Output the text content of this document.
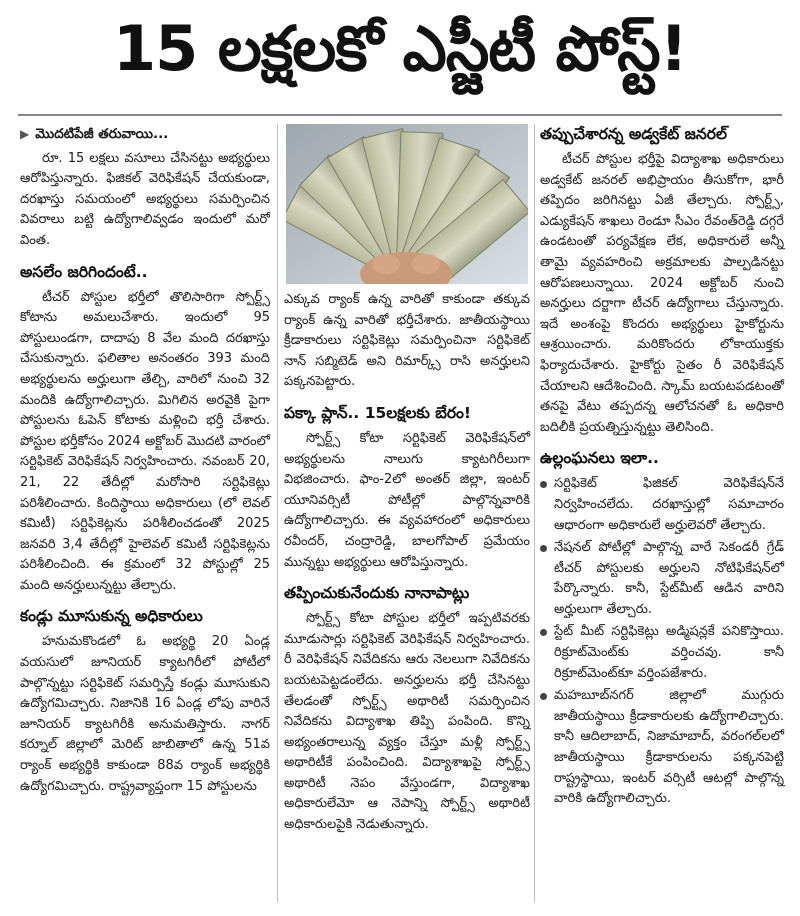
15 లక్షలకో ఎస్జీటీ పోస్ట్!
▶ మొదటిపేజీ తరువాయి...

రూ. 15 లక్షలు వసూలు చేసినట్టు అభ్యర్థులు ఆరోపిస్తున్నారు. ఫిజికల్ వెరిఫికేషన్ చేయకుండా, దరఖాస్తు సమయంలో అభ్యర్థులు సమర్పించిన వివరాలు బట్టి ఉద్యోగాలివ్వడం ఇందులో మరో వింత.

అసలేం జరిగిందంటే..

టీచర్ పోస్టుల భర్తీలో తొలిసారిగా స్పోర్ట్స్ కోటాను అమలుచేశారు. ఇందులో 95 పోస్టులుండగా, దాదాపు 8 వేల మంది దరఖాస్తు చేసుకున్నారు. ఫలితాల అనంతరం 393 మంది అభ్యర్థులను అర్హులుగా తేల్చి, వారిలో నుంచి 32 మందికి ఉద్యోగాలిచ్చారు. మిగిలిన అరవైకి పైగా పోస్టులను ఓపెన్ కోటాకు మళ్లించి భర్తీ చేశారు. పోస్టుల భర్తీకోసం 2024 అక్టోబర్ మొదటి వారంలో సర్టిఫికెట్ వెరిఫికేషన్ నిర్వహించారు. నవంబర్ 20, 21, 22 తేదీల్లో మరోసారి సర్టిఫికెట్లు పరిశీలించారు. కిందిస్థాయి అధికారులు (లో లెవల్ కమిటీ) సర్టిఫికెట్లను పరిశీలించడంతో 2025 జనవరి 3,4 తేదీల్లో హైలెవల్ కమిటీ సర్టిఫికెట్లను పరిశీలించింది. ఈ క్రమంలో 32 పోస్టుల్లో 25 మంది అనర్హులున్నట్టు తేల్చారు.

కండ్లు మూసుకున్న అధికారులు

హనుమకొండలో ఓ అభ్యర్థి 20 ఏండ్ల వయసులో జూనియర్ క్యాటగిరీలో పోటీలో పాల్గొన్నట్టు సర్టిఫికెట్ సమర్పిస్తే కండ్లు మూసుకుని ఉద్యోగమిచ్చారు. నిజానికి 16 ఏండ్ల లోపు వారినే జూనియర్ క్యాటగిరీకి అనుమతిస్తారు. నాగర్ కర్నూల్ జిల్లాలో మెరిట్ జాబితాలో ఉన్న 51వ ర్యాంక్ అభ్యర్థికి కాకుండా 88వ ర్యాంక్ అభ్యర్థికి ఉద్యోగమిచ్చారు. రాష్ట్రవ్యాప్తంగా 15 పోస్టులను

ఎక్కువ ర్యాంక్ ఉన్న వారితో కాకుండా తక్కువ ర్యాంక్ ఉన్న వారితో భర్తీచేశారు. జాతీయస్థాయి క్రీడాకారులు సర్టిఫికెట్లు సమర్పించినా సర్టిఫికెట్ నాన్ సబ్మిటెడ్ అని రిమార్క్స్ రాసి అనర్హులని పక్కనపెట్టారు.

పక్కా ప్లాన్.. 15లక్షలకు బేరం!

స్పోర్ట్స్ కోటా సర్టిఫికెట్ వెరిఫికేషన్‌లో అభ్యర్థులను నాలుగు క్యాటగిరీలుగా విభజించారు. ఫాం-2లో అంతర్ జిల్లా, ఇంటర్ యూనివర్సిటీ పోటీల్లో పాల్గొన్నవారికి ఉద్యోగాలిచ్చారు. ఈ వ్యవహారంలో అధికారులు రవీందర్, చంద్రారెడ్డి, బాలగోపాల్ ప్రమేయం మున్నట్టు అభ్యర్థులు ఆరోపిస్తున్నారు.

తప్పించుకునేందుకు నానాపాట్లు

స్పోర్ట్స్ కోటా పోస్టుల భర్తీలో ఇప్పటివరకు మూడుసార్లు సర్టిఫికెట్ వెరిఫికేషన్ నిర్వహించారు. రీ వెరిఫికేషన్ నివేదికను ఆరు నెలలుగా నివేదికను బయటపెట్టడంలేదు. అనర్హులను భర్తీ చేసినట్టు తేలడంతో స్పోర్ట్స్ అథారిటీ సమర్పించిన నివేదికను విద్యాశాఖ తిప్పి పంపింది. కొన్ని అభ్యంతరాలున్న వ్యక్తం చేస్తూ మళ్లీ స్పోర్ట్స్ అథారిటీకే పంపించింది. విద్యాశాఖపై స్పోర్ట్స్ అథారిటీ నెపం వేస్తుండగా, విద్యాశాఖ అధికారులేమో ఆ నెపాన్ని స్పోర్ట్స్ అథారిటీ అధికారులపైకి నెడుతున్నారు.

తప్పుచేశారన్న అడ్వకేట్ జనరల్

టీచర్ పోస్టుల భర్తీపై విద్యాశాఖ అధికారులు అడ్వకేట్ జనరల్ అభిప్రాయం తీసుకోగా, భారీ తప్పిదం జరిగినట్టు ఏజీ తేల్చారు. స్పోర్ట్స్, ఎడ్యుకేషన్ శాఖలు రెండూ సీఎం రేవంత్‌రెడ్డి దగ్గరే ఉండటంతో పర్యవేక్షణ లేక, అధికారులే అన్నీ తామై వ్యవహరించి అక్రమాలకు పాల్పడినట్టు ఆరోపణలున్నాయి. 2024 అక్టోబర్ నుంచి అనర్హులు దర్జాగా టీచర్ ఉద్యోగాలు చేస్తున్నారు. ఇదే అంశంపై కొందరు అభ్యర్థులు హైకోర్టును ఆశ్రయించారు. మరికొందరు లోకాయుక్తకు ఫిర్యాదుచేశారు. హైకోర్టు సైతం రీ వెరిఫికేషన్ చేయాలని ఆదేశించింది. స్కామ్ బయటపడటంతో తనపై వేటు తప్పదన్న ఆలోచనతో ఓ అధికారి బదిలీకి ప్రయత్నిస్తున్నట్టు తెలిసింది.

ఉల్లంఘనలు ఇలా..
సర్టిఫికెట్ ఫిజికల్ వెరిఫికేషన్‌నే నిర్వహించలేదు. దరఖాస్తుల్లో సమాచారం ఆధారంగా అధికారులే అర్హులెవరో తేల్చారు.
నేషనల్ పోటీల్లో పాల్గొన్న వారే సెకండరీ గ్రేడ్ టీచర్ పోస్టులకు అర్హులని నోటిఫికేషన్‌లో పేర్కొన్నారు. కానీ, స్టేట్‌మీట్ ఆడిన వారిని అర్హులుగా తేల్చారు.
స్టేట్ మీట్ సర్టిఫికెట్లు అడ్మిషన్లకే పనికొస్తాయి. రిక్రూట్‌మెంట్‌కు వర్తించవు. కానీ రిక్రూట్‌మెంట్‌కూ వర్తింపజేశారు.
మహబూబ్‌నగర్ జిల్లాలో ముగ్గురు జాతీయస్థాయి క్రీడాకారులకు ఉద్యోగాలిచ్చారు. కానీ ఆదిలాబాద్, నిజామాబాద్, వరంగల్‌లలో జాతీయస్థాయి క్రీడాకారులను పక్కనపెట్టి రాష్ట్రస్థాయి, ఇంటర్ వర్సిటీ ఆటల్లో పాల్గొన్న వారికి ఉద్యోగాలిచ్చారు.
